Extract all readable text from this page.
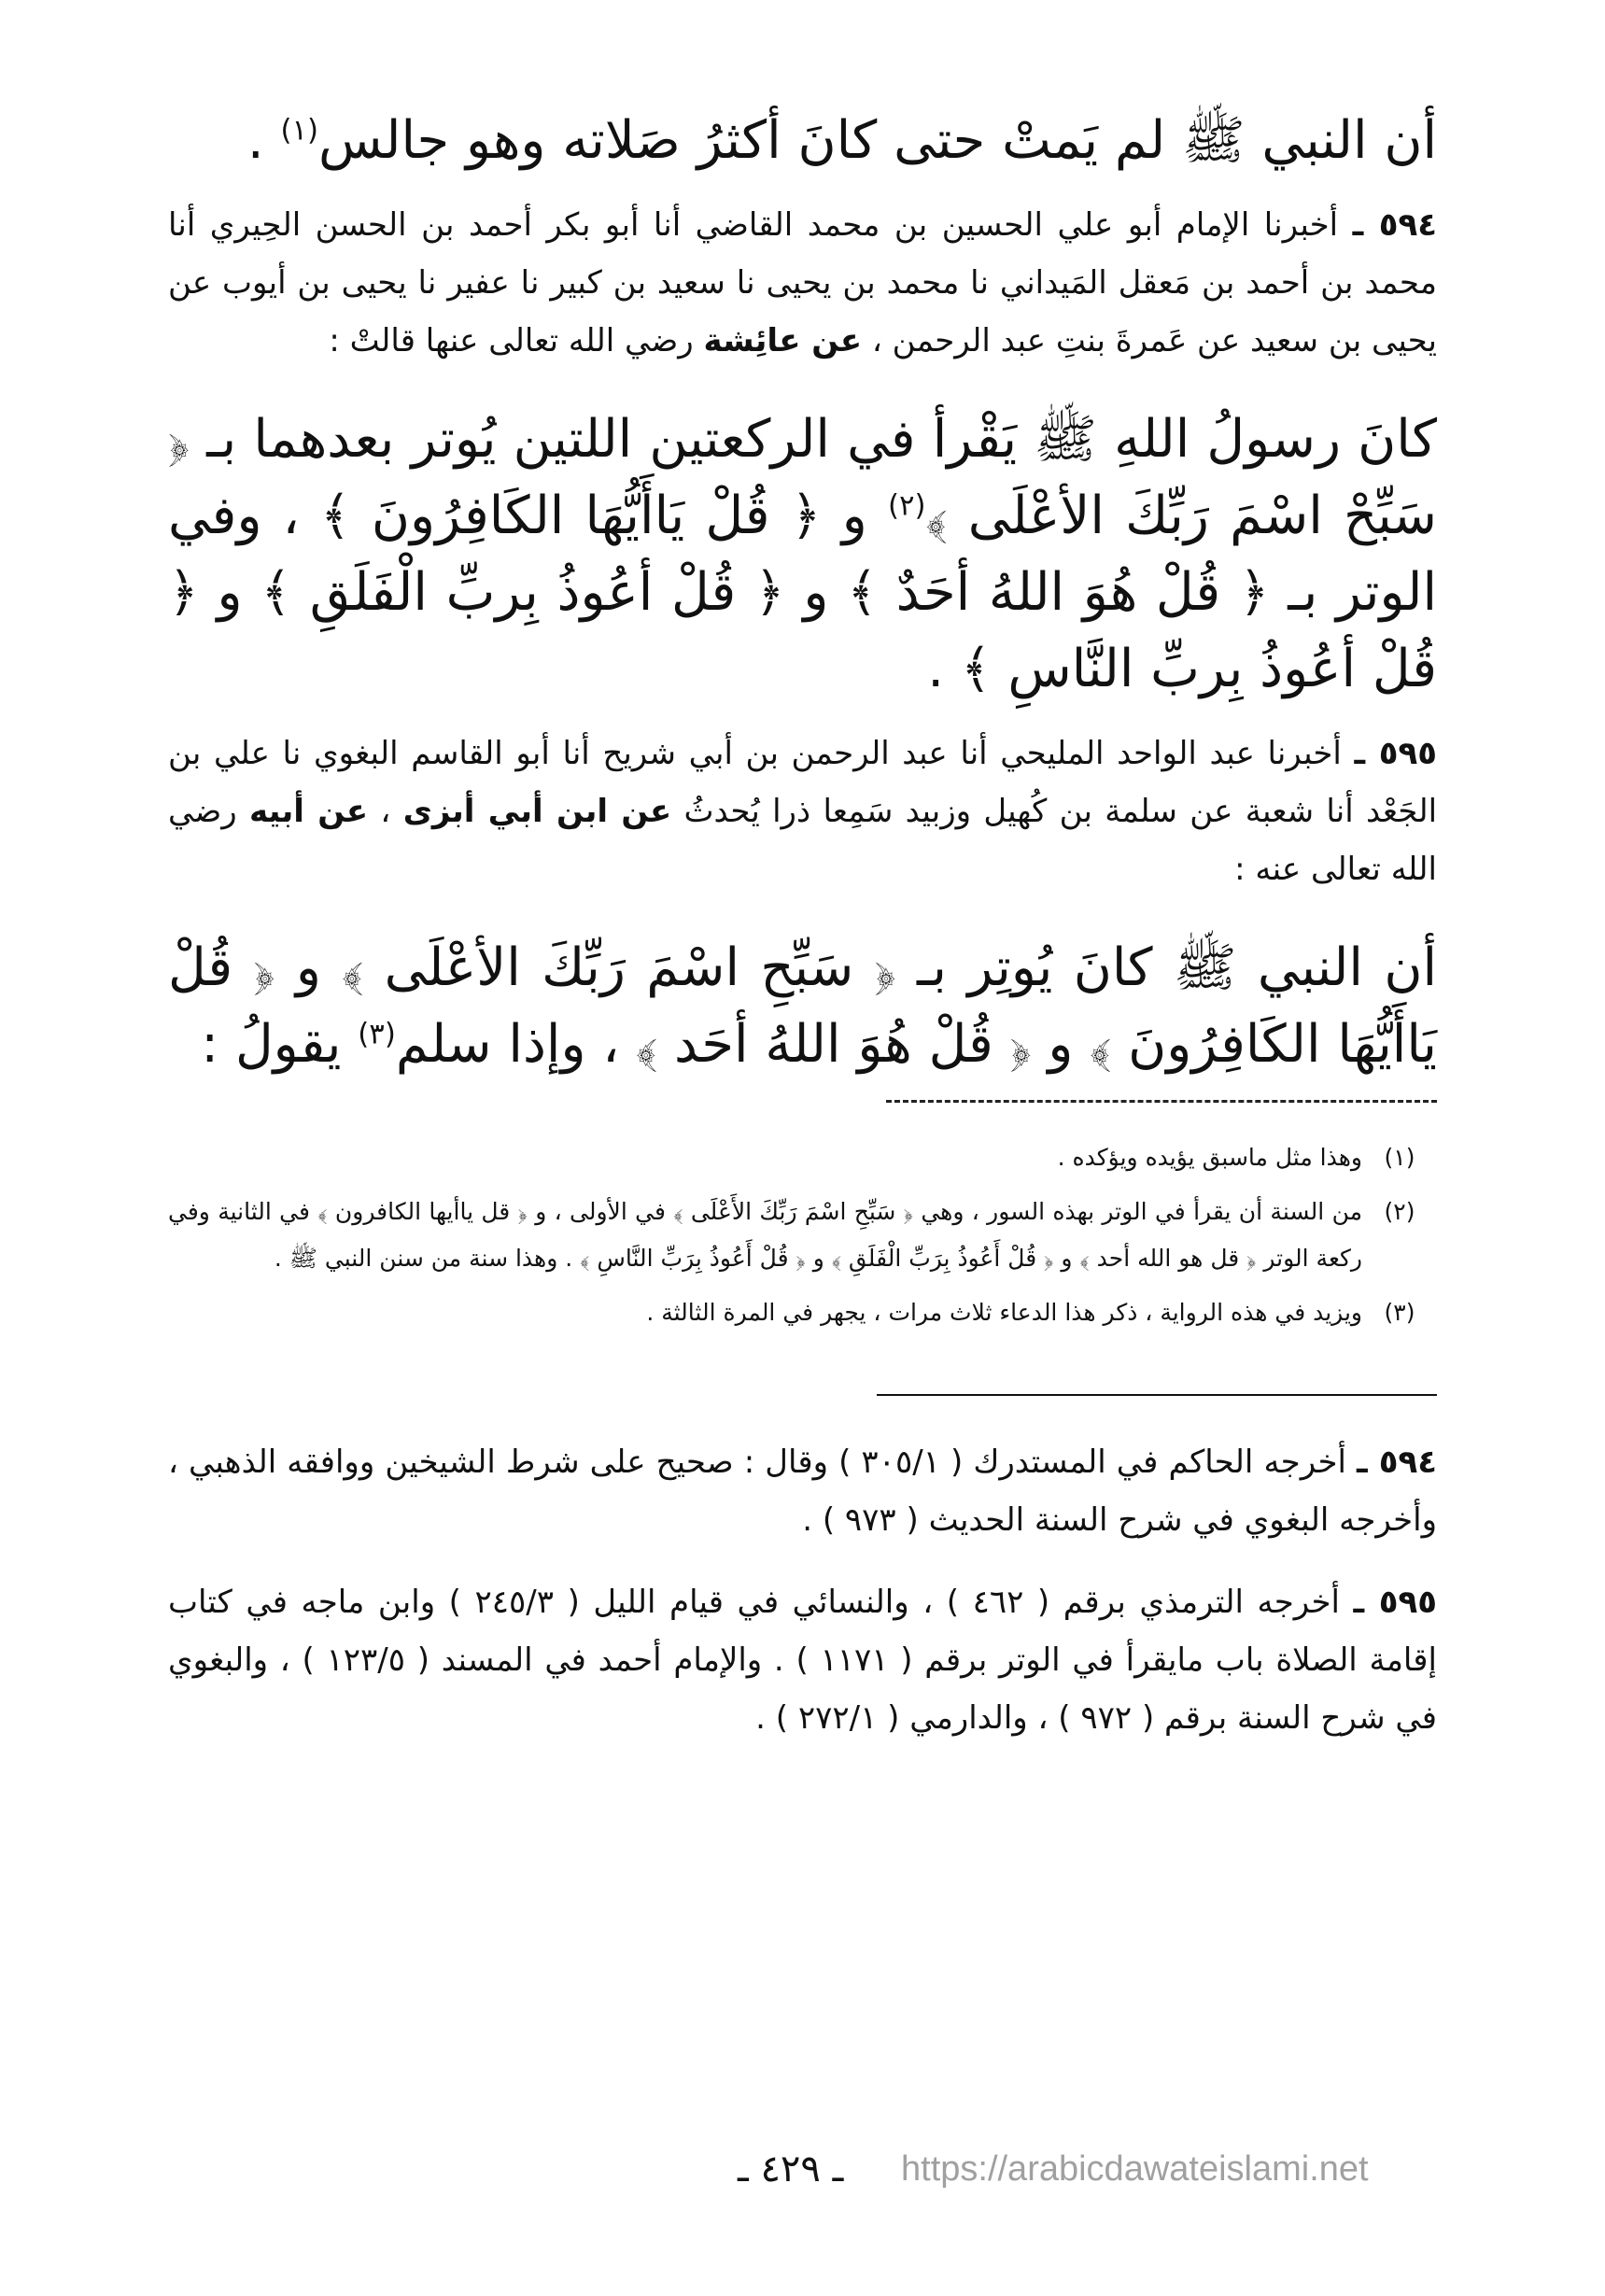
أن النبي ﷺ لم يَمتْ حتى كانَ أكثرُ صَلاته وهو جالس$^{(١)}$ .

٥٩٤ ـ أخبرنا الإمام أبو علي الحسين بن محمد القاضي أنا أبو بكر أحمد بن الحسن الحِيري أنا محمد بن أحمد بن مَعقل المَيداني نا محمد بن يحيى نا سعيد بن كبير نا عفير نا يحيى بن أيوب عن يحيى بن سعيد عن عَمرةَ بنتِ عبد الرحمن ، عن عائِشة رضي الله تعالى عنها قالتْ :

كانَ رسولُ اللهِ ﷺ يَقْرأ في الركعتين اللتين يُوتر بعدهما بـ ﴿ سَبِّحْ اسْمَ رَبِّكَ الأعْلَى ﴾$^{(٢)}$ و ﴿ قُلْ يَاأَيُّهَا الكَافِرُونَ ﴾ ، وفي الوتر بـ ﴿ قُلْ هُوَ اللهُ أحَدٌ ﴾ و ﴿ قُلْ أعُوذُ بِربِّ الْفَلَقِ ﴾ و ﴿ قُلْ أعُوذُ بِربِّ النَّاسِ ﴾ .

٥٩٥ ـ أخبرنا عبد الواحد المليحي أنا عبد الرحمن بن أبي شريح أنا أبو القاسم البغوي نا علي بن الجَعْد أنا شعبة عن سلمة بن كُهيل وزبيد سَمِعا ذرا يُحدثُ عن ابن أبي أبزى ، عن أبيه رضي الله تعالى عنه :

أن النبي ﷺ كانَ يُوتِر بـ ﴿ سَبِّحِ اسْمَ رَبِّكَ الأعْلَى ﴾ و ﴿ قُلْ يَاأَيُّهَا الكَافِرُونَ ﴾ و ﴿ قُلْ هُوَ اللهُ أحَد ﴾ ، وإذا سلم$^{(٣)}$ يقولُ :

(١)
وهذا مثل ماسبق يؤيده ويؤكده .
(٢)
من السنة أن يقرأ في الوتر بهذه السور ، وهي ﴿ سَبِّحِ اسْمَ رَبِّكَ الأَعْلَى ﴾ في الأولى ، و ﴿ قل ياأيها الكافرون ﴾ في الثانية وفي ركعة الوتر ﴿ قل هو الله أحد ﴾ و ﴿ قُلْ أَعُوذُ بِرَبِّ الْفَلَقِ ﴾ و ﴿ قُلْ أَعُوذُ بِرَبِّ النَّاسِ ﴾ . وهذا سنة من سنن النبي ﷺ .
(٣)
ويزيد في هذه الرواية ، ذكر هذا الدعاء ثلاث مرات ، يجهر في المرة الثالثة .

٥٩٤ ـ أخرجه الحاكم في المستدرك ( ٣٠٥/١ ) وقال : صحيح على شرط الشيخين ووافقه الذهبي ، وأخرجه البغوي في شرح السنة الحديث ( ٩٧٣ ) .

٥٩٥ ـ أخرجه الترمذي برقم ( ٤٦٢ ) ، والنسائي في قيام الليل ( ٢٤٥/٣ ) وابن ماجه في كتاب إقامة الصلاة باب مايقرأ في الوتر برقم ( ١١٧١ ) . والإمام أحمد في المسند ( ١٢٣/٥ ) ، والبغوي في شرح السنة برقم ( ٩٧٢ ) ، والدارمي ( ٢٧٢/١ ) .

ـ ٤٢٩ ـ https://arabicdawateislami.net
